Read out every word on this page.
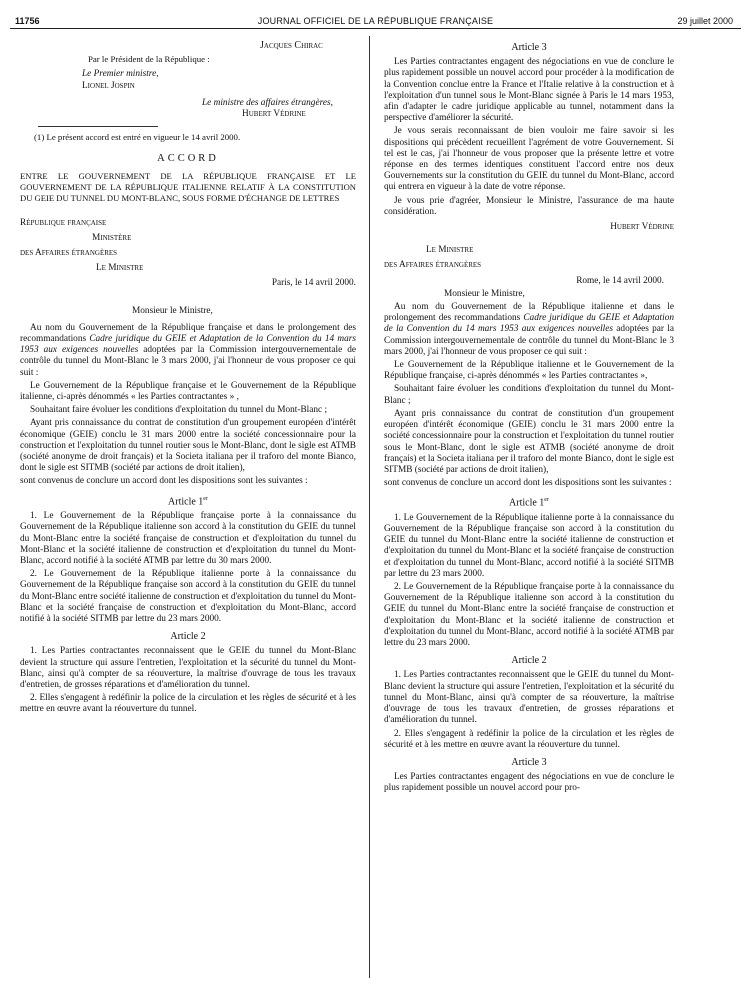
11756	JOURNAL OFFICIEL DE LA RÉPUBLIQUE FRANÇAISE	29 juillet 2000
Jacques Chirac
Par le Président de la République :
Le Premier ministre,
Lionel Jospin
Le ministre des affaires étrangères,
Hubert Védrine
(1) Le présent accord est entré en vigueur le 14 avril 2000.
ACCORD
ENTRE LE GOUVERNEMENT DE LA RÉPUBLIQUE FRANÇAISE ET LE GOUVERNEMENT DE LA RÉPUBLIQUE ITALIENNE RELATIF À LA CONSTITUTION DU GEIE DU TUNNEL DU MONT-BLANC, SOUS FORME D'ÉCHANGE DE LETTRES
République française
Ministère
des Affaires étrangères
Le Ministre
Paris, le 14 avril 2000.
Monsieur le Ministre,

Au nom du Gouvernement de la République française et dans le prolongement des recommandations Cadre juridique du GEIE et Adaptation de la Convention du 14 mars 1953 aux exigences nouvelles adoptées par la Commission intergouvernementale de contrôle du tunnel du Mont-Blanc le 3 mars 2000, j'ai l'honneur de vous proposer ce qui suit :

Le Gouvernement de la République française et le Gouvernement de la République italienne, ci-après dénommés « les Parties contractantes » ,

Souhaitant faire évoluer les conditions d'exploitation du tunnel du Mont-Blanc ;

Ayant pris connaissance du contrat de constitution d'un groupement européen d'intérêt économique (GEIE) conclu le 31 mars 2000 entre la société concessionnaire pour la construction et l'exploitation du tunnel routier sous le Mont-Blanc, dont le sigle est ATMB (société anonyme de droit français) et la Societa italiana per il traforo del monte Bianco, dont le sigle est SITMB (société par actions de droit italien),

sont convenus de conclure un accord dont les dispositions sont les suivantes :

Article 1er

1. Le Gouvernement de la République française porte à la connaissance du Gouvernement de la République italienne son accord à la constitution du GEIE du tunnel du Mont-Blanc entre la société française de construction et d'exploitation du tunnel du Mont-Blanc et la société italienne de construction et d'exploitation du tunnel du Mont-Blanc, accord notifié à la société ATMB par lettre du 30 mars 2000.

2. Le Gouvernement de la République italienne porte à la connaissance du Gouvernement de la République française son accord à la constitution du GEIE du tunnel du Mont-Blanc entre société italienne de construction et d'exploitation du tunnel du Mont-Blanc et la société française de construction et d'exploitation du Mont-Blanc, accord notifié à la société SITMB par lettre du 23 mars 2000.

Article 2

1. Les Parties contractantes reconnaissent que le GEIE du tunnel du Mont-Blanc devient la structure qui assure l'entretien, l'exploitation et la sécurité du tunnel du Mont-Blanc, ainsi qu'à compter de sa réouverture, la maîtrise d'ouvrage de tous les travaux d'entretien, de grosses réparations et d'amélioration du tunnel.

2. Elles s'engagent à redéfinir la police de la circulation et les règles de sécurité et à les mettre en œuvre avant la réouverture du tunnel.

Article 3

Les Parties contractantes engagent des négociations en vue de conclure le plus rapidement possible un nouvel accord pour procéder à la modification de la Convention conclue entre la France et l'Italie relative à la construction et à l'exploitation d'un tunnel sous le Mont-Blanc signée à Paris le 14 mars 1953, afin d'adapter le cadre juridique applicable au tunnel, notamment dans la perspective d'améliorer la sécurité.

Je vous serais reconnaissant de bien vouloir me faire savoir si les dispositions qui précèdent recueillent l'agrément de votre Gouvernement. Si tel est le cas, j'ai l'honneur de vous proposer que la présente lettre et votre réponse en des termes identiques constituent l'accord entre nos deux Gouvernements sur la constitution du GEIE du tunnel du Mont-Blanc, accord qui entrera en vigueur à la date de votre réponse.

Je vous prie d'agréer, Monsieur le Ministre, l'assurance de ma haute considération.

Hubert Védrine
Le Ministre
des Affaires étrangères
Rome, le 14 avril 2000.
Monsieur le Ministre,

Au nom du Gouvernement de la République italienne et dans le prolongement des recommandations Cadre juridique du GEIE et Adaptation de la Convention du 14 mars 1953 aux exigences nouvelles adoptées par la Commission intergouvernementale de contrôle du tunnel du Mont-Blanc le 3 mars 2000, j'ai l'honneur de vous proposer ce qui suit :

Le Gouvernement de la République italienne et le Gouvernement de la République française, ci-après dénommés « les Parties contractantes »,

Souhaitant faire évoluer les conditions d'exploitation du tunnel du Mont-Blanc ;

Ayant pris connaissance du contrat de constitution d'un groupement européen d'intérêt économique (GEIE) conclu le 31 mars 2000 entre la société concessionnaire pour la construction et l'exploitation du tunnel routier sous le Mont-Blanc, dont le sigle est ATMB (société anonyme de droit français) et la Societa italiana per il traforo del monte Bianco, dont le sigle est SITMB (société par actions de droit italien),

sont convenus de conclure un accord dont les dispositions sont les suivantes :

Article 1er

1. Le Gouvernement de la République italienne porte à la connaissance du Gouvernement de la République française son accord à la constitution du GEIE du tunnel du Mont-Blanc entre la société italienne de construction et d'exploitation du tunnel du Mont-Blanc et la société française de construction et d'exploitation du tunnel du Mont-Blanc, accord notifié à la société SITMB par lettre du 23 mars 2000.

2. Le Gouvernement de la République française porte à la connaissance du Gouvernement de la République italienne son accord à la constitution du GEIE du tunnel du Mont-Blanc entre la société française de construction et d'exploitation du Mont-Blanc et la société italienne de construction et d'exploitation du tunnel du Mont-Blanc, accord notifié à la société ATMB par lettre du 23 mars 2000.

Article 2

1. Les Parties contractantes reconnaissent que le GEIE du tunnel du Mont-Blanc devient la structure qui assure l'entretien, l'exploitation et la sécurité du tunnel du Mont-Blanc, ainsi qu'à compter de sa réouverture, la maîtrise d'ouvrage de tous les travaux d'entretien, de grosses réparations et d'amélioration du tunnel.

2. Elles s'engagent à redéfinir la police de la circulation et les règles de sécurité et à les mettre en œuvre avant la réouverture du tunnel.

Article 3

Les Parties contractantes engagent des négociations en vue de conclure le plus rapidement possible un nouvel accord pour pro-
